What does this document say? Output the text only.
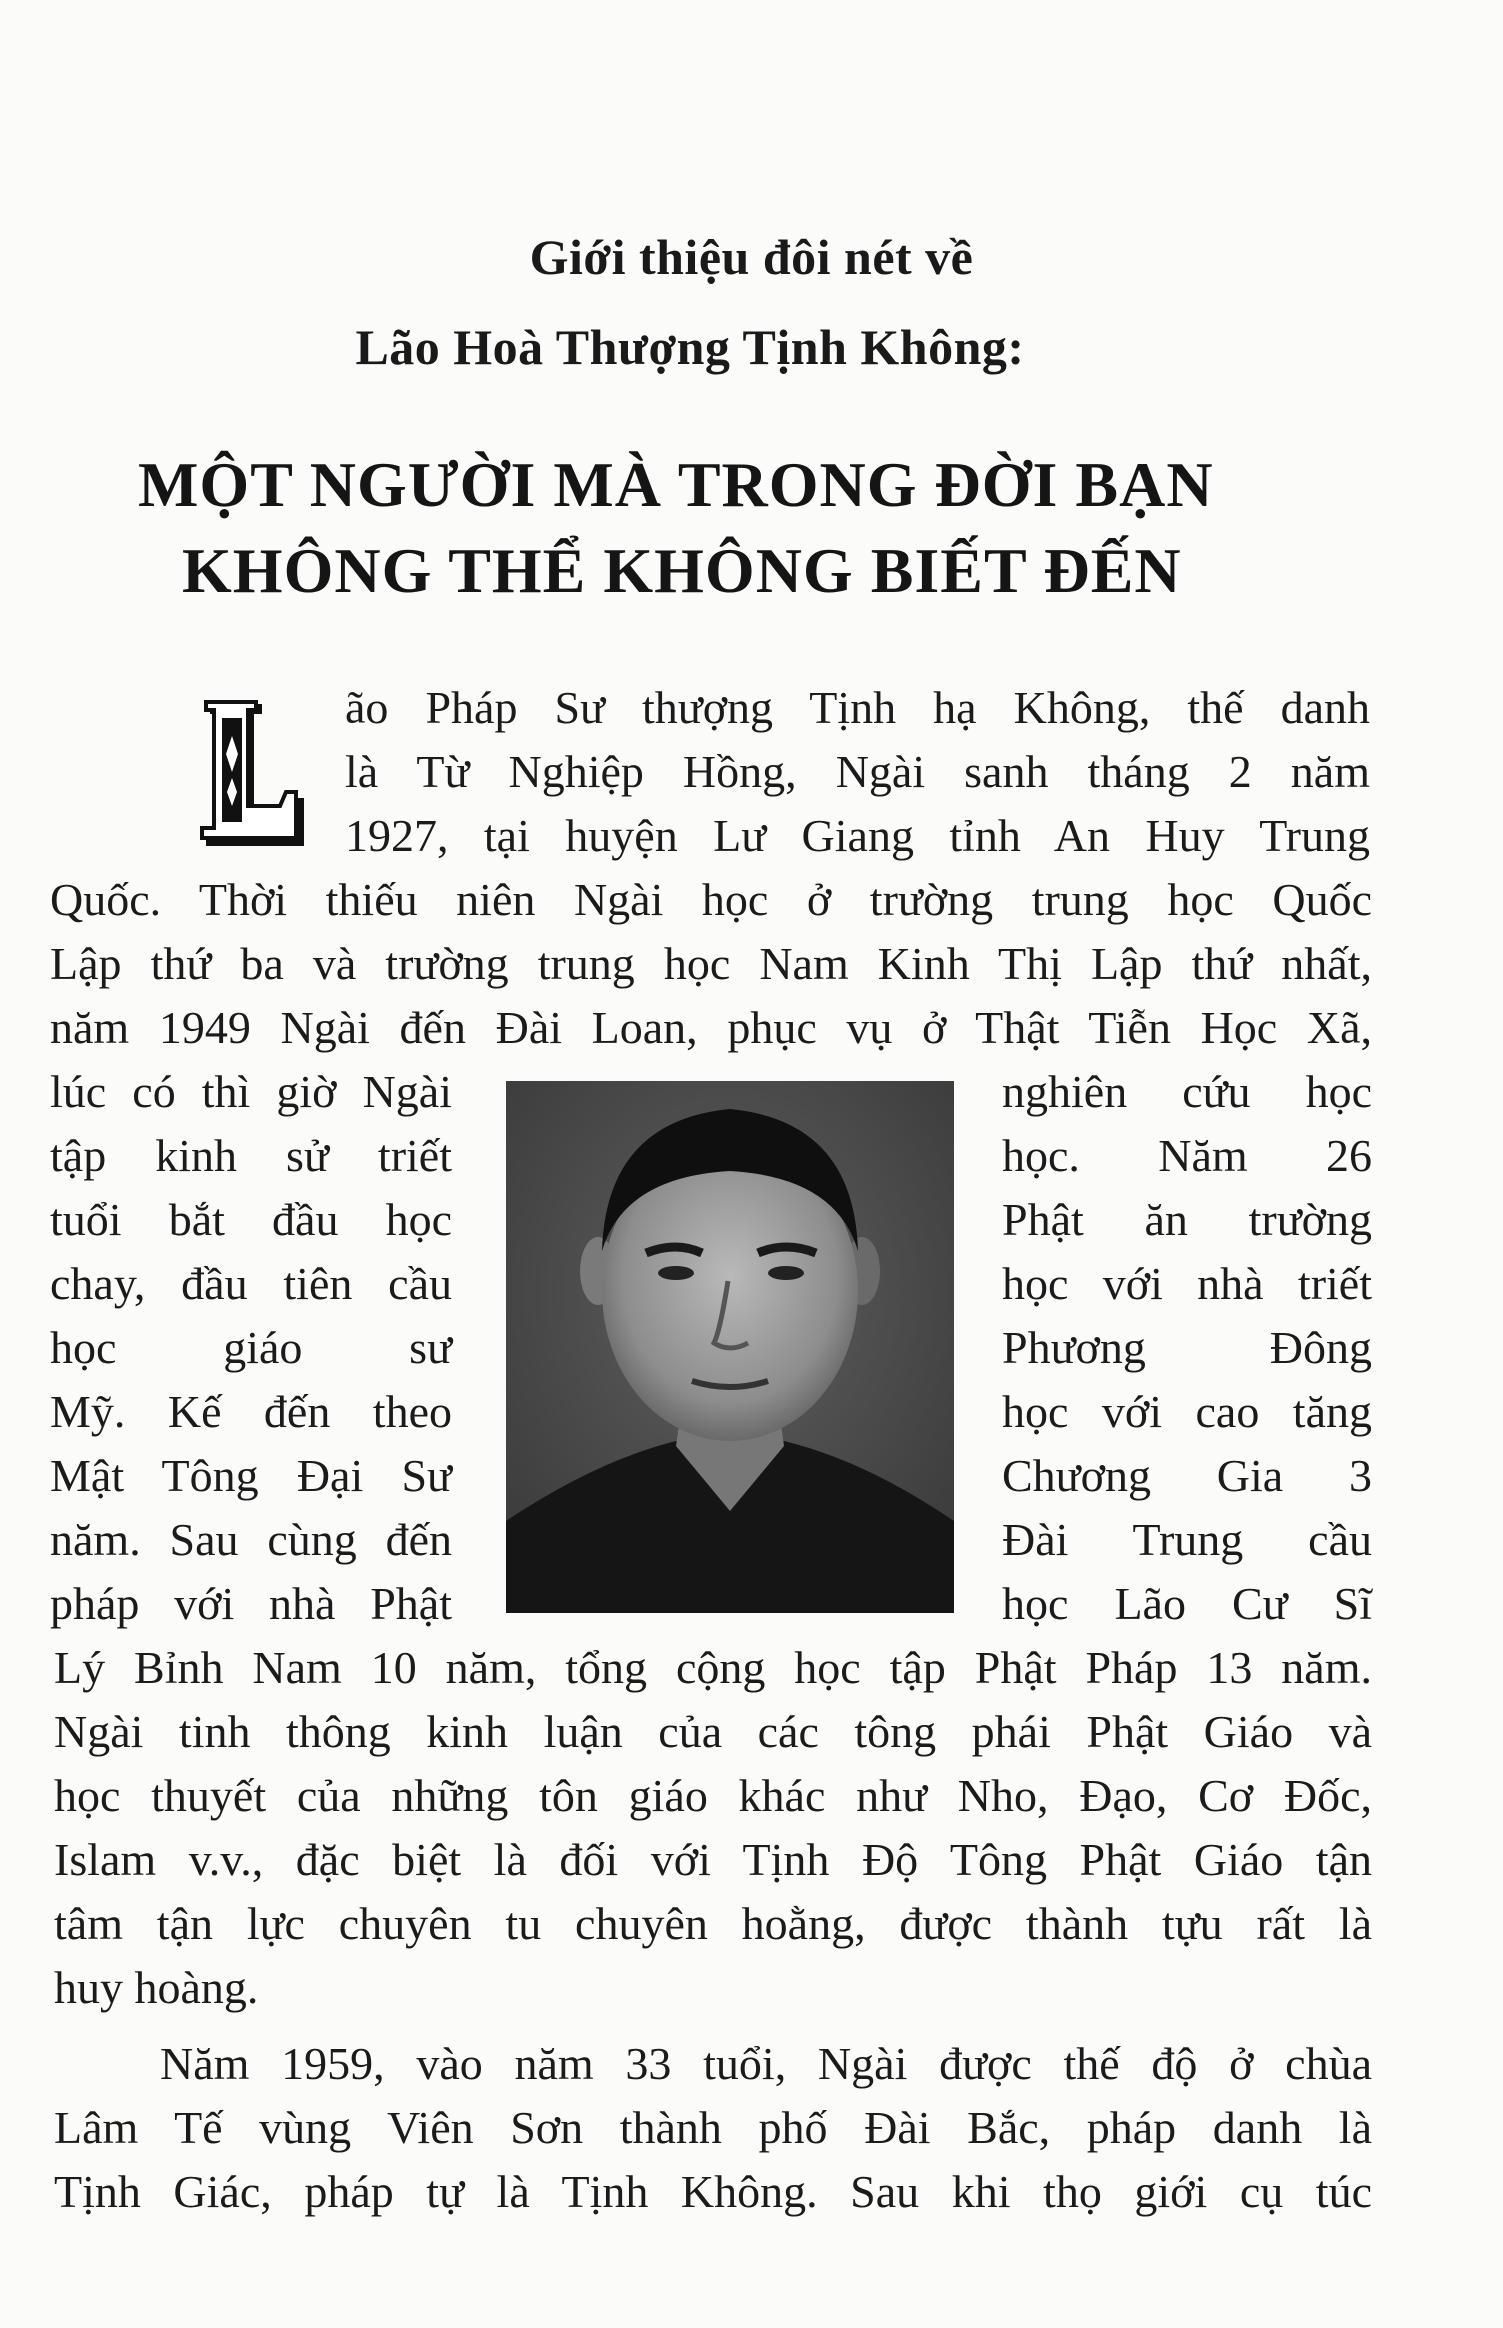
Giới thiệu đôi nét về
Lão Hoà Thượng Tịnh Không:
MỘT NGƯỜI MÀ TRONG ĐỜI BẠN
KHÔNG THỂ KHÔNG BIẾT ĐẾN
L	ão Pháp Sư thượng Tịnh hạ Không, thế danh
là Từ Nghiệp Hồng, Ngài sanh tháng 2 năm
1927, tại huyện Lư Giang tỉnh An Huy Trung
Quốc. Thời thiếu niên Ngài học ở trường trung học Quốc
Lập thứ ba và trường trung học Nam Kinh Thị Lập thứ nhất,
năm 1949 Ngài đến Đài Loan, phục vụ ở Thật Tiễn Học Xã,
lúc có thì giờ Ngài
tập kinh sử triết
tuổi bắt đầu học
chay, đầu tiên cầu
học giáo sư
Mỹ. Kế đến theo
Mật Tông Đại Sư
năm. Sau cùng đến
pháp với nhà Phật
nghiên cứu học
học. Năm 26
Phật ăn trường
học với nhà triết
Phương Đông
học với cao tăng
Chương Gia 3
Đài Trung cầu
học Lão Cư Sĩ
Lý Bỉnh Nam 10 năm, tổng cộng học tập Phật Pháp 13 năm.
Ngài tinh thông kinh luận của các tông phái Phật Giáo và
học thuyết của những tôn giáo khác như Nho, Đạo, Cơ Đốc,
Islam v.v., đặc biệt là đối với Tịnh Độ Tông Phật Giáo tận
tâm tận lực chuyên tu chuyên hoằng, được thành tựu rất là
huy hoàng.
Năm 1959, vào năm 33 tuổi, Ngài được thế độ ở chùa
Lâm Tế vùng Viên Sơn thành phố Đài Bắc, pháp danh là
Tịnh Giác, pháp tự là Tịnh Không. Sau khi thọ giới cụ túc
